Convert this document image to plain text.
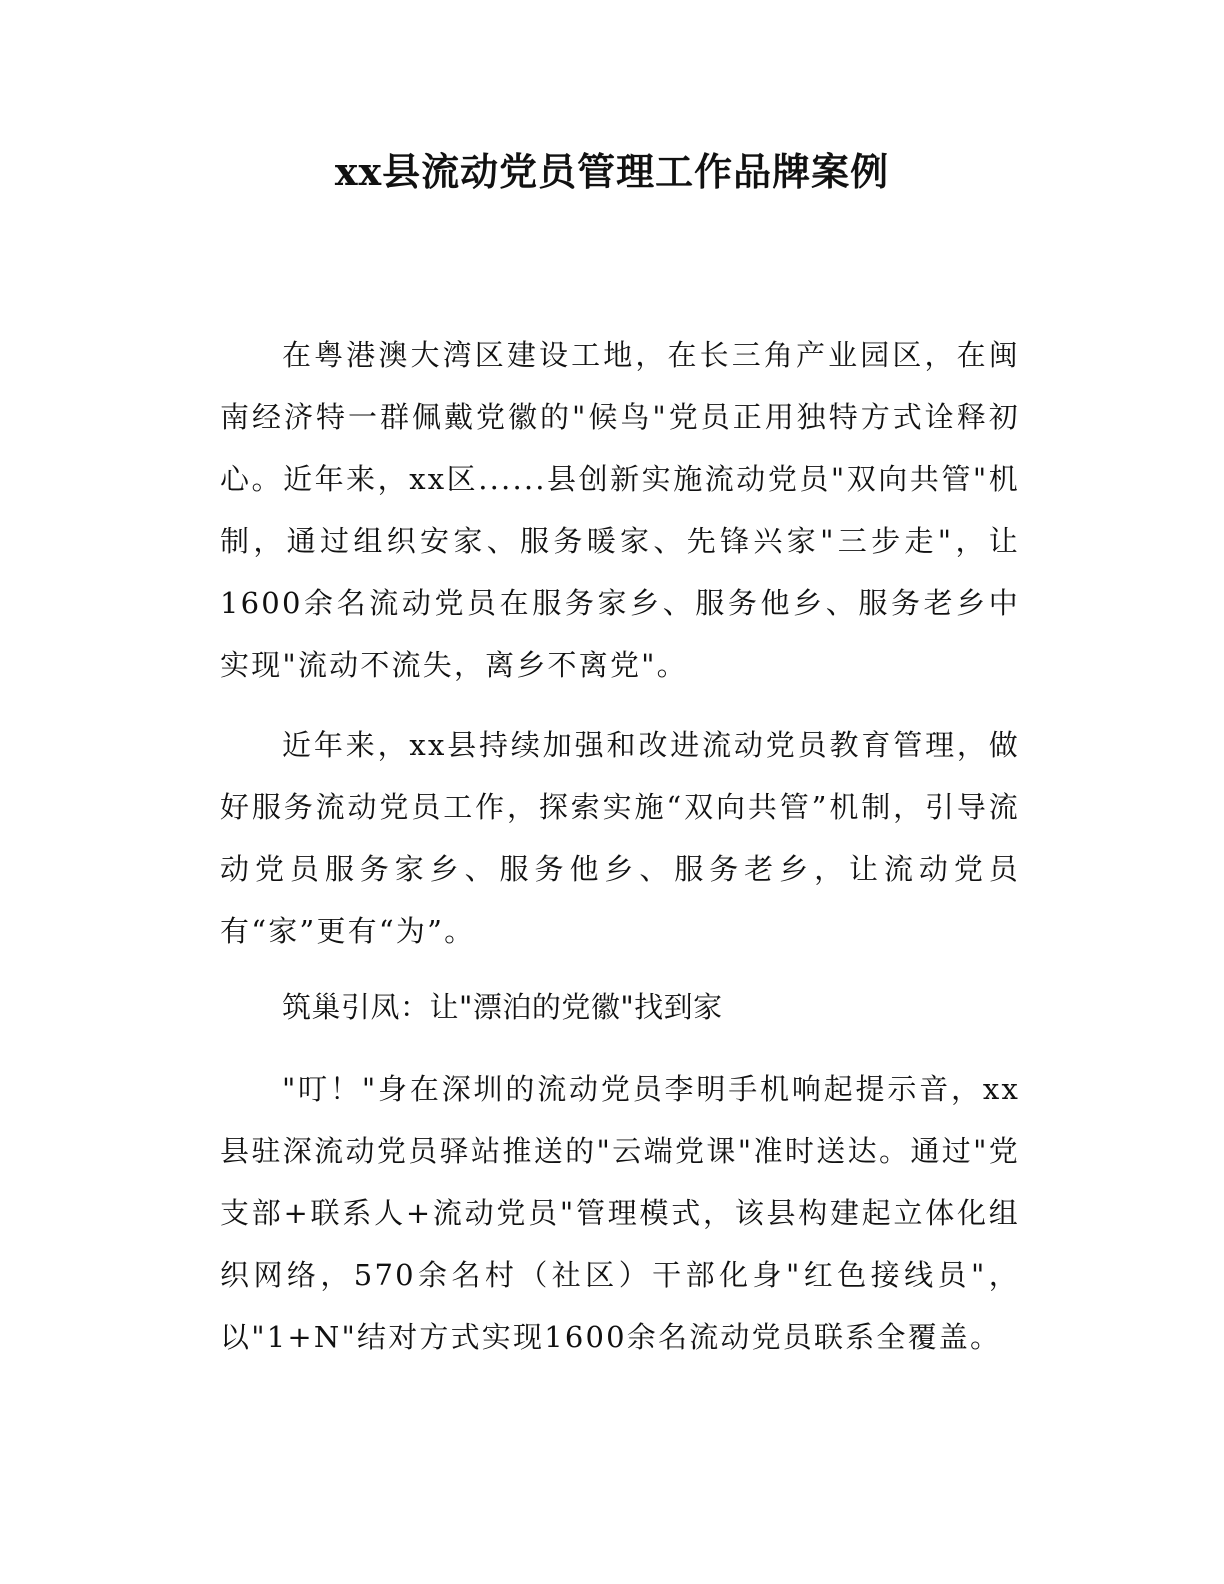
xx县流动党员管理工作品牌案例

在粤港澳大湾区建设工地，在长三角产业园区，在闽南经济特一群佩戴党徽的"候鸟"党员正用独特方式诠释初心。近年来，xx区......县创新实施流动党员"双向共管"机制，通过组织安家、服务暖家、先锋兴家"三步走"，让1600余名流动党员在服务家乡、服务他乡、服务老乡中实现"流动不流失，离乡不离党"。

近年来，xx县持续加强和改进流动党员教育管理，做好服务流动党员工作，探索实施“双向共管”机制，引导流动党员服务家乡、服务他乡、服务老乡，让流动党员有“家”更有“为”。

筑巢引凤：让"漂泊的党徽"找到家

"叮！"身在深圳的流动党员李明手机响起提示音，xx县驻深流动党员驿站推送的"云端党课"准时送达。通过"党支部+联系人+流动党员"管理模式，该县构建起立体化组织网络，570余名村（社区）干部化身"红色接线员"，以"1+N"结对方式实现1600余名流动党员联系全覆盖。
